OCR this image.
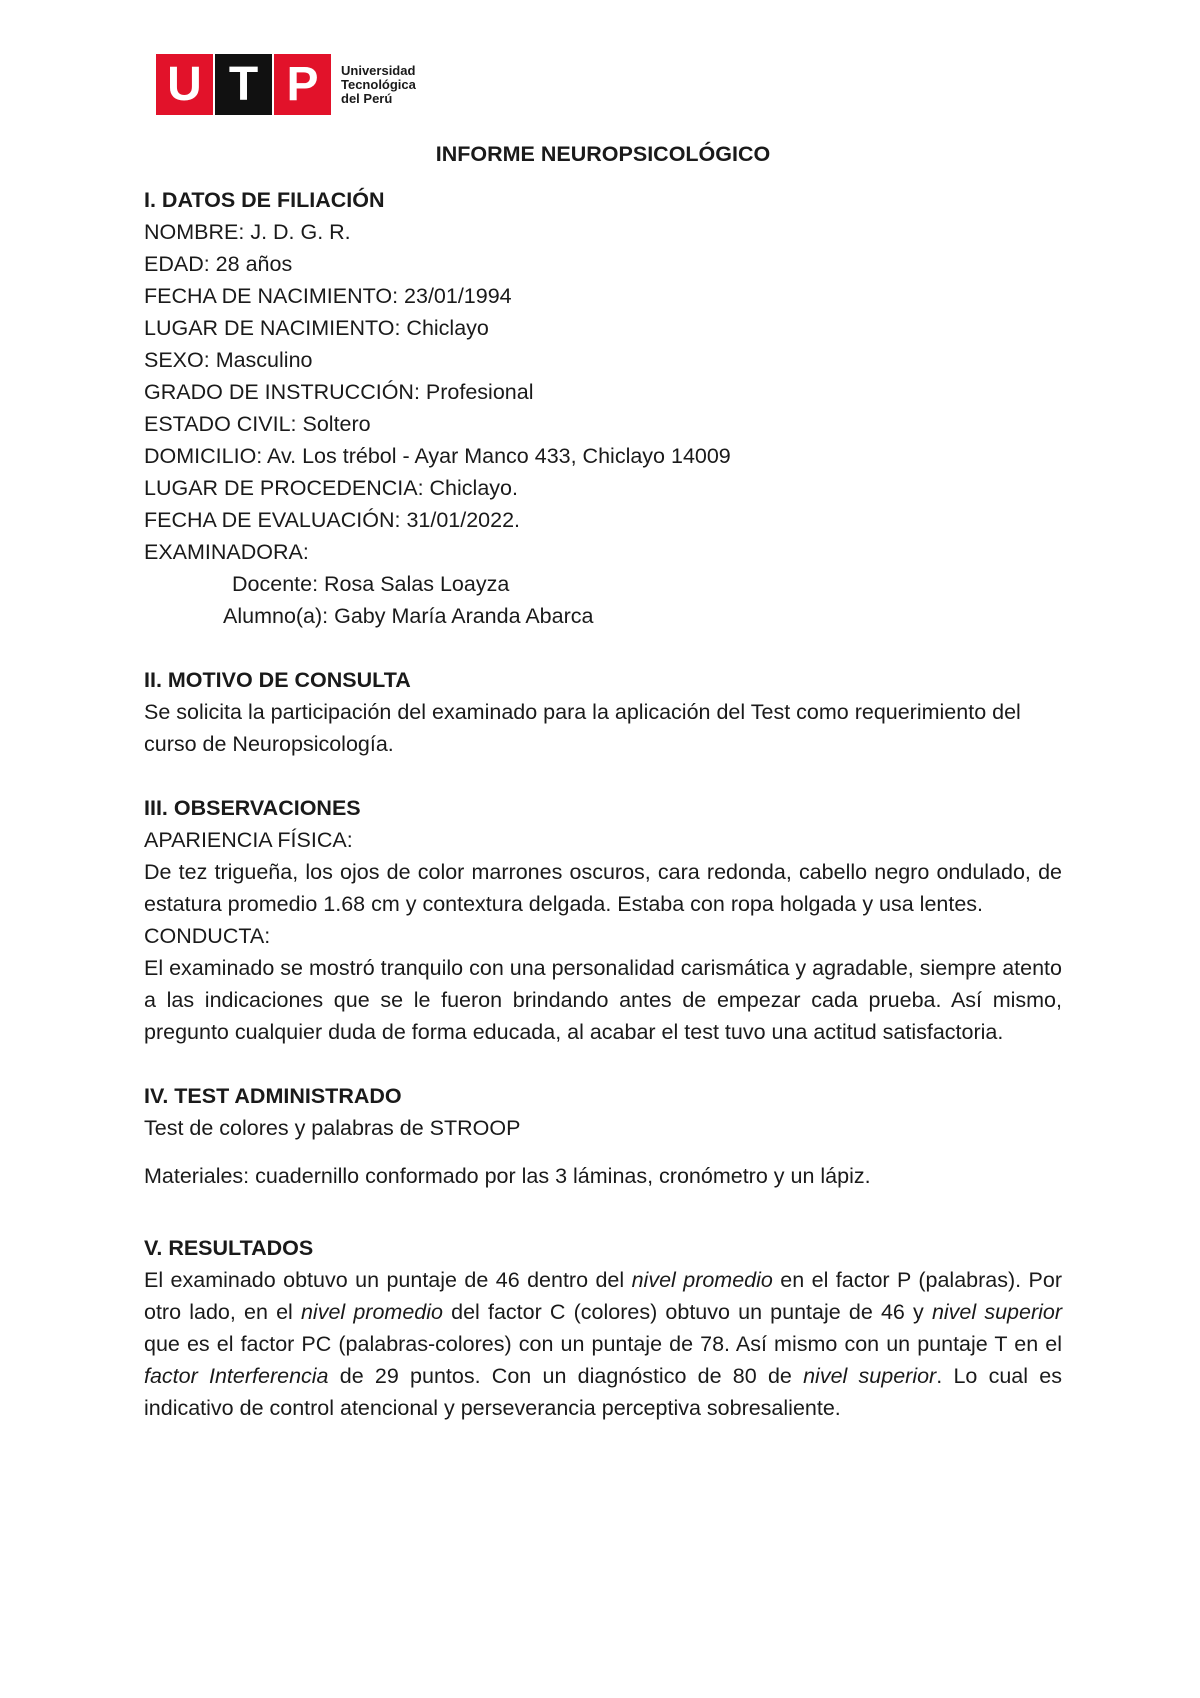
U T P	Universidad
Tecnológica
del Perú

INFORME NEUROPSICOLÓGICO

I. DATOS DE FILIACIÓN

NOMBRE: J. D. G. R.

EDAD: 28 años

FECHA DE NACIMIENTO: 23/01/1994

LUGAR DE NACIMIENTO: Chiclayo

SEXO: Masculino

GRADO DE INSTRUCCIÓN: Profesional

ESTADO CIVIL: Soltero

DOMICILIO: Av. Los trébol - Ayar Manco 433, Chiclayo 14009

LUGAR DE PROCEDENCIA: Chiclayo.

FECHA DE EVALUACIÓN: 31/01/2022.

EXAMINADORA:

Docente: Rosa Salas Loayza

Alumno(a): Gaby María Aranda Abarca

II. MOTIVO DE CONSULTA

Se solicita la participación del examinado para la aplicación del Test como requerimiento del curso de Neuropsicología.

III. OBSERVACIONES

APARIENCIA FÍSICA:

De tez trigueña, los ojos de color marrones oscuros, cara redonda, cabello negro ondulado, de estatura promedio 1.68 cm y contextura delgada. Estaba con ropa holgada y usa lentes.

CONDUCTA:

El examinado se mostró tranquilo con una personalidad carismática y agradable, siempre atento a las indicaciones que se le fueron brindando antes de empezar cada prueba. Así mismo, pregunto cualquier duda de forma educada, al acabar el test tuvo una actitud satisfactoria.

IV. TEST ADMINISTRADO

Test de colores y palabras de STROOP

Materiales: cuadernillo conformado por las 3 láminas, cronómetro y un lápiz.

V. RESULTADOS

El examinado obtuvo un puntaje de 46 dentro del nivel promedio en el factor P (palabras). Por otro lado, en el nivel promedio del factor C (colores) obtuvo un puntaje de 46 y nivel superior que es el factor PC (palabras-colores) con un puntaje de 78. Así mismo con un puntaje T en el factor Interferencia de 29 puntos. Con un diagnóstico de 80 de nivel superior. Lo cual es indicativo de control atencional y perseverancia perceptiva sobresaliente.
